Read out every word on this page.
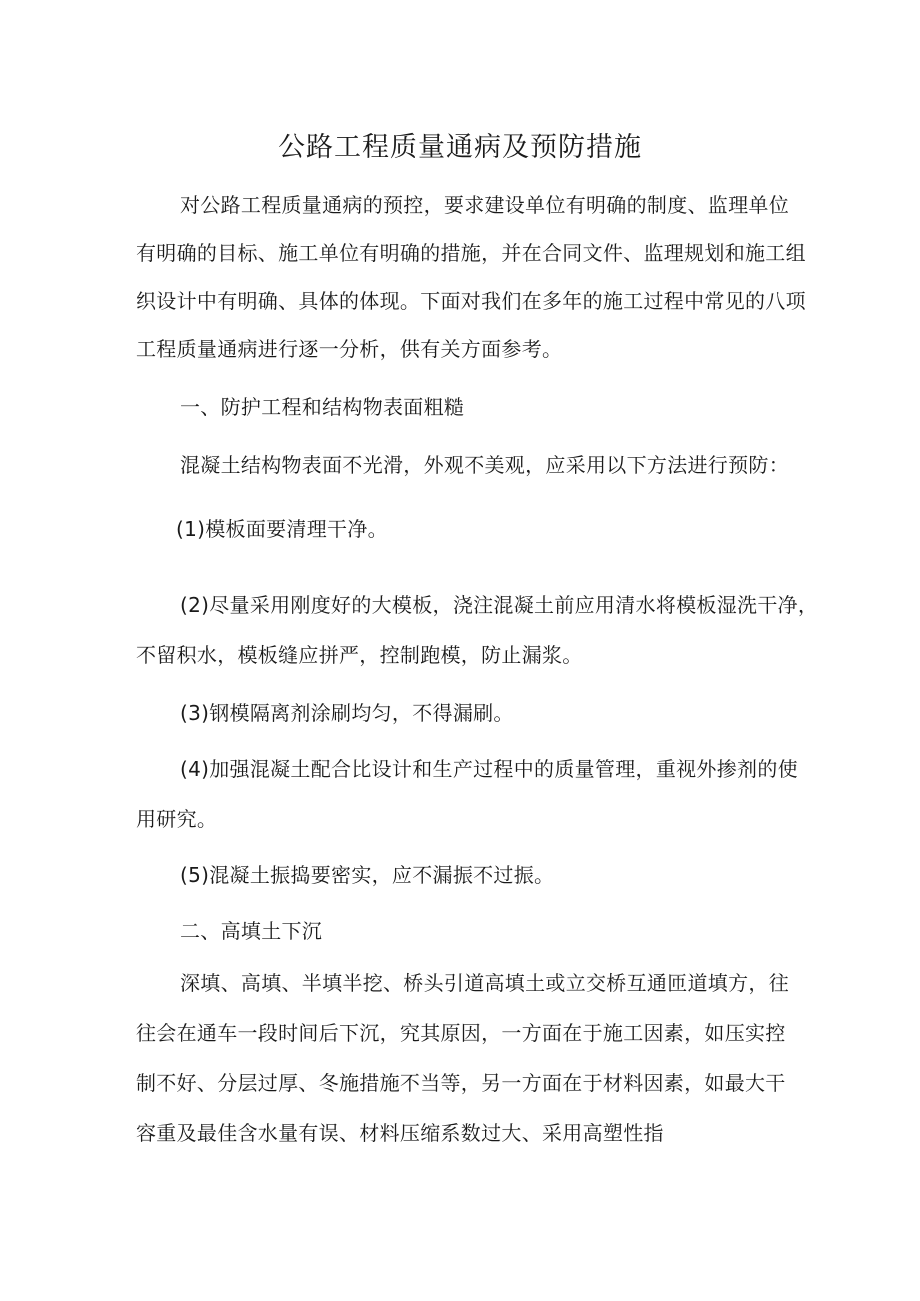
公路工程质量通病及预防措施
对公路工程质量通病的预控，要求建设单位有明确的制度、监理单位
有明确的目标、施工单位有明确的措施，并在合同文件、监理规划和施工组
织设计中有明确、具体的体现。下面对我们在多年的施工过程中常见的八项
工程质量通病进行逐一分析，供有关方面参考。
一、防护工程和结构物表面粗糙
混凝土结构物表面不光滑，外观不美观，应采用以下方法进行预防：
(1)模板面要清理干净。
(2)尽量采用刚度好的大模板，浇注混凝土前应用清水将模板湿洗干净，
不留积水，模板缝应拼严，控制跑模，防止漏浆。
(3)钢模隔离剂涂刷均匀，不得漏刷。
(4)加强混凝土配合比设计和生产过程中的质量管理，重视外掺剂的使
用研究。
(5)混凝土振捣要密实，应不漏振不过振。
二、高填土下沉
深填、高填、半填半挖、桥头引道高填土或立交桥互通匝道填方，往
往会在通车一段时间后下沉，究其原因，一方面在于施工因素，如压实控
制不好、分层过厚、冬施措施不当等，另一方面在于材料因素，如最大干
容重及最佳含水量有误、材料压缩系数过大、采用高塑性指
